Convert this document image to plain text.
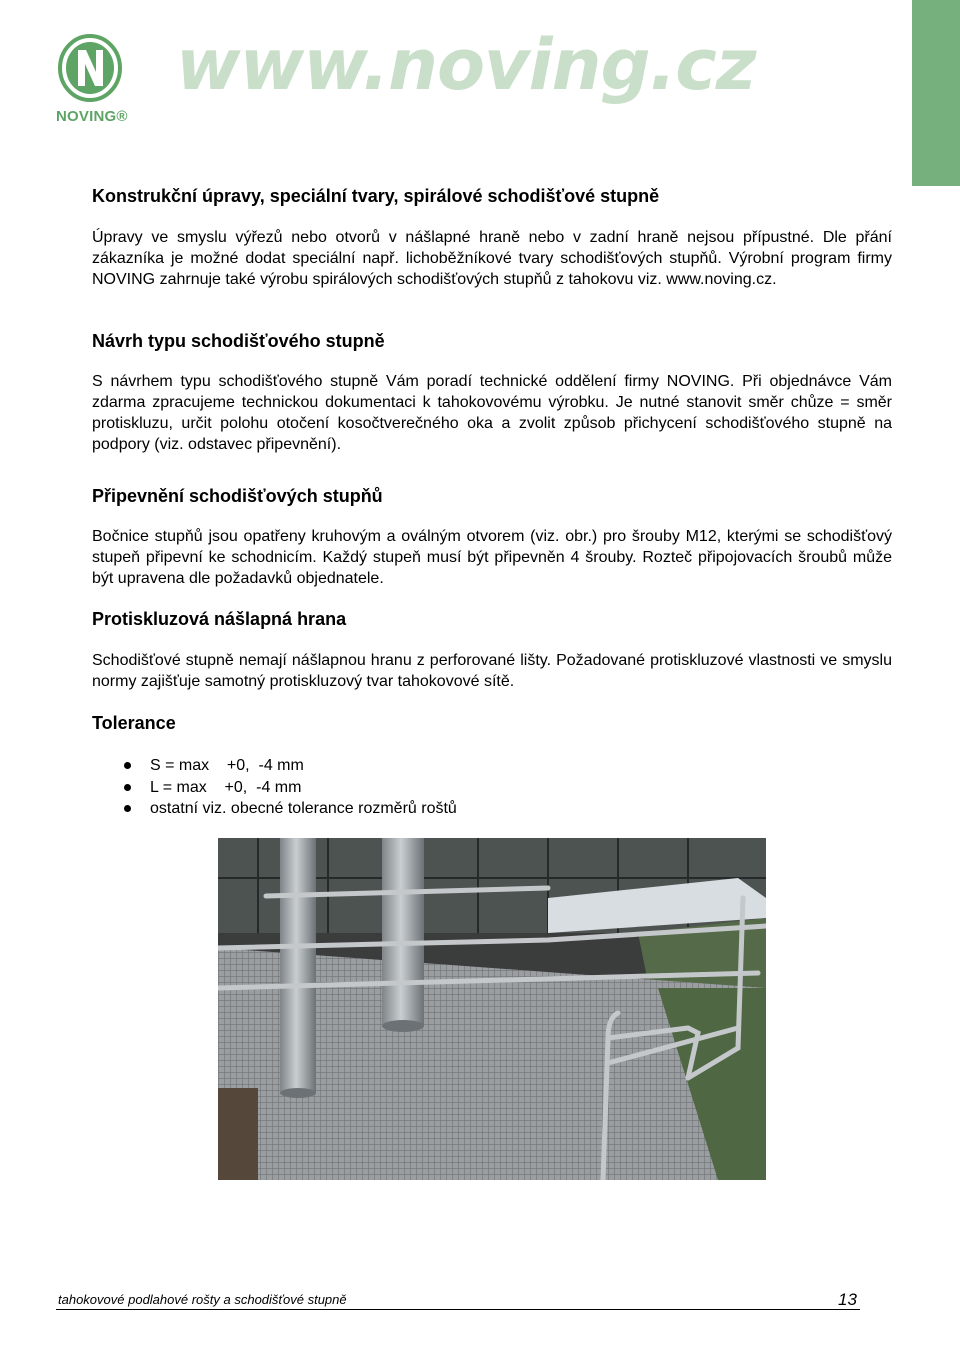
NOVING®
www.noving.cz
Konstrukční úpravy, speciální tvary, spirálové schodišťové stupně

Úpravy ve smyslu výřezů nebo otvorů v nášlapné hraně nebo v zadní hraně nejsou přípustné. Dle přání zákazníka je možné dodat speciální např. lichoběžníkové tvary schodišťových stupňů. Výrobní program firmy NOVING zahrnuje také výrobu spirálových schodišťových stupňů z tahokovu viz. www.noving.cz.

Návrh typu schodišťového stupně

S návrhem typu schodišťového stupně Vám poradí technické oddělení firmy NOVING. Při objednávce Vám zdarma zpracujeme technickou dokumentaci k tahokovovému výrobku. Je nutné stanovit směr chůze = směr protiskluzu, určit polohu otočení kosočtverečného oka a zvolit způsob přichycení schodišťového stupně na podpory (viz. odstavec připevnění).

Připevnění schodišťových stupňů

Bočnice stupňů jsou opatřeny kruhovým a oválným otvorem (viz. obr.) pro šrouby M12, kterými se schodišťový stupeň připevní ke schodnicím. Každý stupeň musí být připevněn 4 šrouby. Rozteč připojovacích šroubů může být upravena dle požadavků objednatele.

Protiskluzová nášlapná hrana

Schodišťové stupně nemají nášlapnou hranu z perforované lišty. Požadované protiskluzové vlastnosti ve smyslu normy zajišťuje samotný protiskluzový tvar tahokovové sítě.

Tolerance
S = max    +0,  -4 mm
L = max    +0,  -4 mm
ostatní viz. obecné tolerance rozměrů roštů
tahokovové podlahové rošty a schodišťové stupně	13
